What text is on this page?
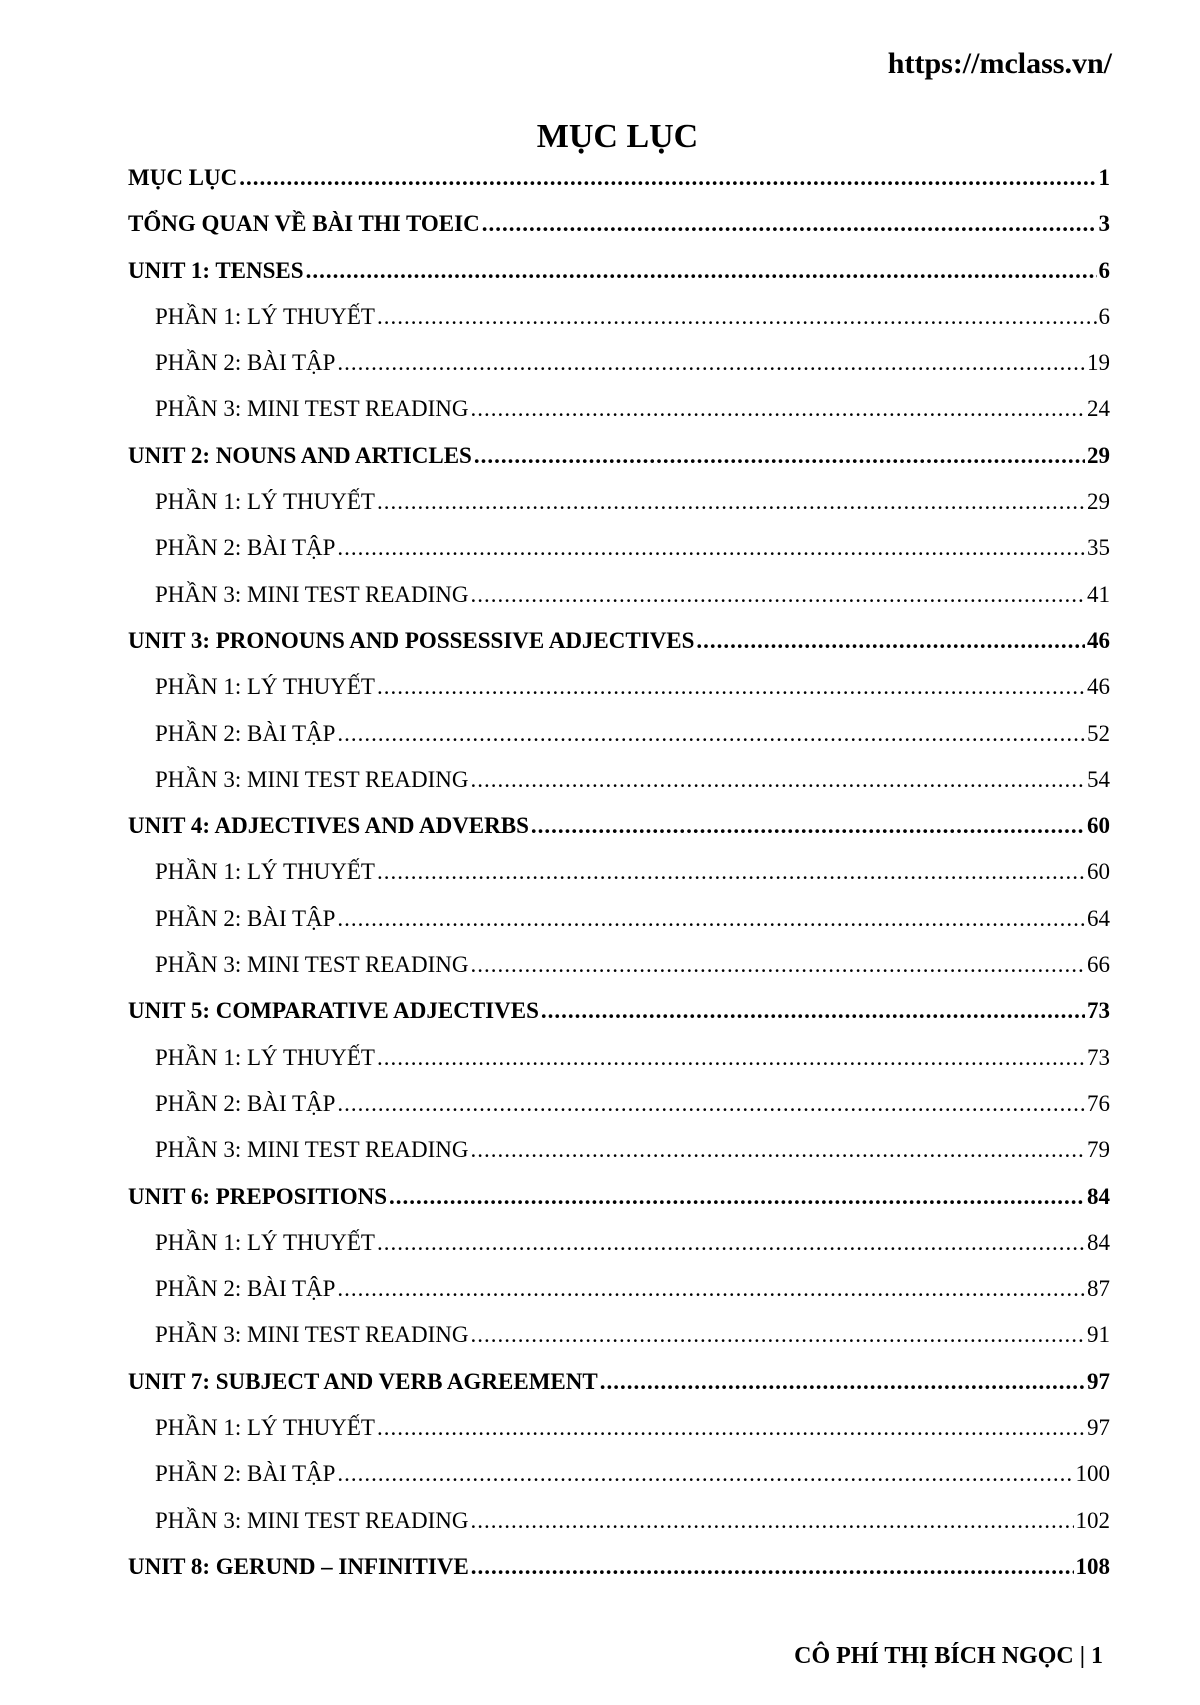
https://mclass.vn/
MỤC LỤC
MỤC LỤC .....	1
TỔNG QUAN VỀ BÀI THI TOEIC .....	3
UNIT 1: TENSES .....	6
PHẦN 1: LÝ THUYẾT .....	6
PHẦN 2: BÀI TẬP .....	19
PHẦN 3: MINI TEST READING .....	24
UNIT 2: NOUNS AND ARTICLES .....	29
PHẦN 1: LÝ THUYẾT .....	29
PHẦN 2: BÀI TẬP .....	35
PHẦN 3: MINI TEST READING .....	41
UNIT 3: PRONOUNS AND POSSESSIVE ADJECTIVES .....	46
PHẦN 1: LÝ THUYẾT .....	46
PHẦN 2: BÀI TẬP .....	52
PHẦN 3: MINI TEST READING .....	54
UNIT 4: ADJECTIVES AND ADVERBS .....	60
PHẦN 1: LÝ THUYẾT .....	60
PHẦN 2: BÀI TẬP .....	64
PHẦN 3: MINI TEST READING .....	66
UNIT 5: COMPARATIVE ADJECTIVES .....	73
PHẦN 1: LÝ THUYẾT .....	73
PHẦN 2: BÀI TẬP .....	76
PHẦN 3: MINI TEST READING .....	79
UNIT 6: PREPOSITIONS .....	84
PHẦN 1: LÝ THUYẾT .....	84
PHẦN 2: BÀI TẬP .....	87
PHẦN 3: MINI TEST READING .....	91
UNIT 7: SUBJECT AND VERB AGREEMENT .....	97
PHẦN 1: LÝ THUYẾT .....	97
PHẦN 2: BÀI TẬP .....	100
PHẦN 3: MINI TEST READING .....	102
UNIT 8: GERUND – INFINITIVE .....	108
CÔ PHÍ THỊ BÍCH NGỌC | 1
